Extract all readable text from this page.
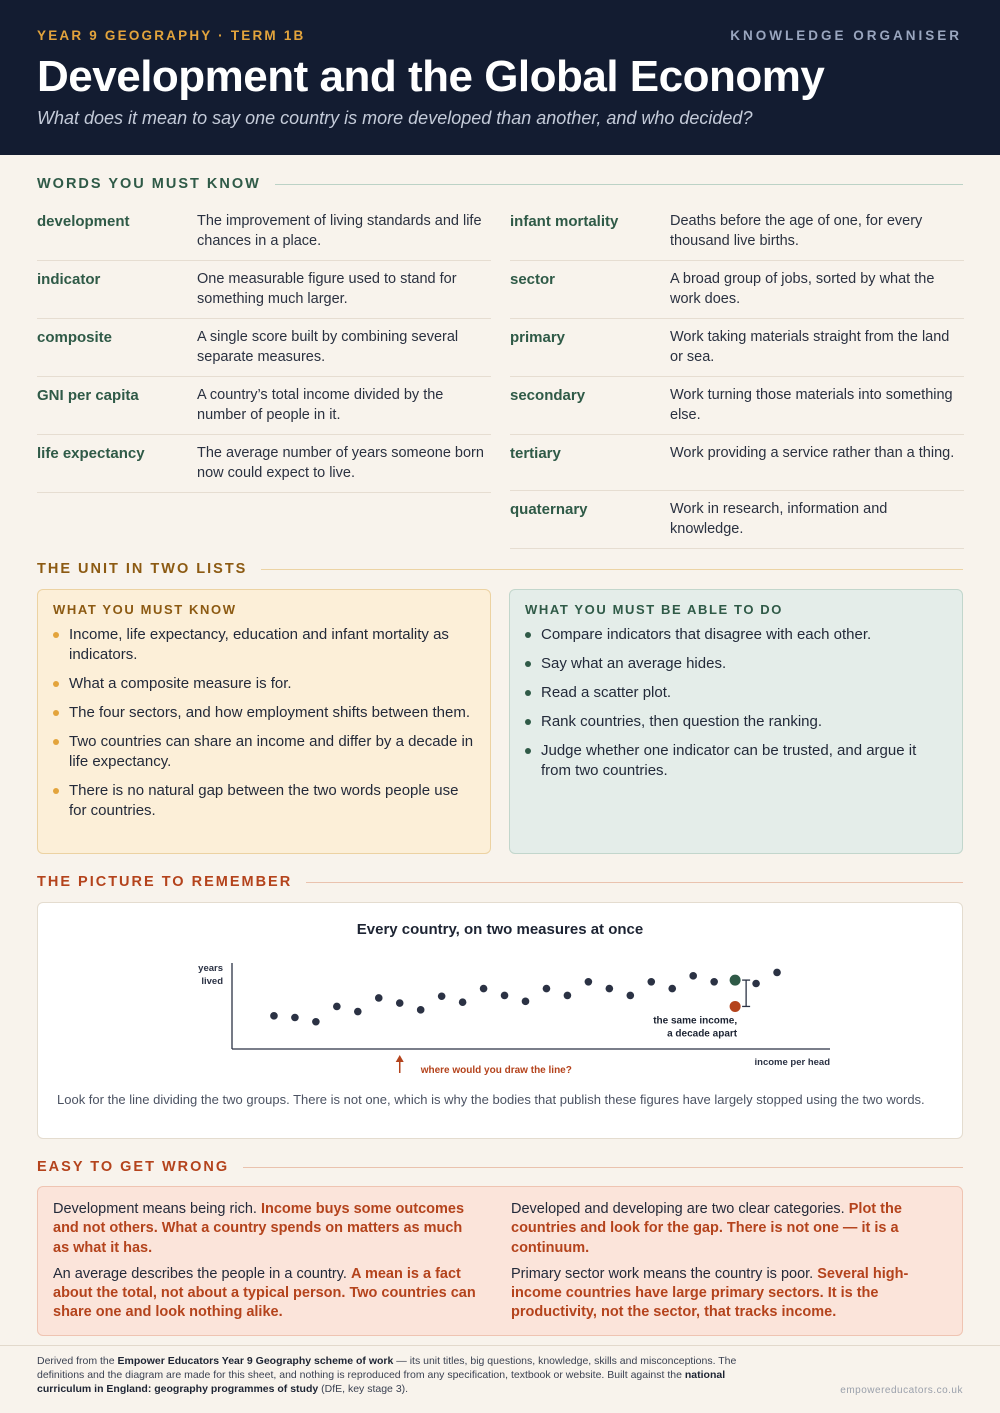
YEAR 9 GEOGRAPHY · TERM 1B	KNOWLEDGE ORGANISER
Development and the Global Economy
What does it mean to say one country is more developed than another, and who decided?
WORDS YOU MUST KNOW
development	The improvement of living standards and life chances in a place.
indicator	One measurable figure used to stand for something much larger.
composite	A single score built by combining several separate measures.
GNI per capita	A country’s total income divided by the number of people in it.
life expectancy	The average number of years someone born now could expect to live.
infant mortality	Deaths before the age of one, for every thousand live births.
sector	A broad group of jobs, sorted by what the work does.
primary	Work taking materials straight from the land or sea.
secondary	Work turning those materials into something else.
tertiary	Work providing a service rather than a thing.
quaternary	Work in research, information and knowledge.
THE UNIT IN TWO LISTS
WHAT YOU MUST KNOW
Income, life expectancy, education and infant mortality as indicators.
What a composite measure is for.
The four sectors, and how employment shifts between them.
Two countries can share an income and differ by a decade in life expectancy.
There is no natural gap between the two words people use for countries.
WHAT YOU MUST BE ABLE TO DO
Compare indicators that disagree with each other.
Say what an average hides.
Read a scatter plot.
Rank countries, then question the ranking.
Judge whether one indicator can be trusted, and argue it from two countries.
THE PICTURE TO REMEMBER
Every country, on two measures at once
years
lived
income per head
the same income,
a decade apart
where would you draw the line?
Look for the line dividing the two groups. There is not one, which is why the bodies that publish these figures have largely stopped using the two words.
EASY TO GET WRONG

Development means being rich. Income buys some outcomes and not others. What a country spends on matters as much as what it has.

An average describes the people in a country. A mean is a fact about the total, not about a typical person. Two countries can share one and look nothing alike.

Developed and developing are two clear categories. Plot the countries and look for the gap. There is not one — it is a continuum.

Primary sector work means the country is poor. Several high-income countries have large primary sectors. It is the productivity, not the sector, that tracks income.

Derived from the Empower Educators Year 9 Geography scheme of work — its unit titles, big questions, knowledge, skills and misconceptions. The definitions and the diagram are made for this sheet, and nothing is reproduced from any specification, textbook or website. Built against the national curriculum in England: geography programmes of study (DfE, key stage 3).	empowereducators.co.uk
